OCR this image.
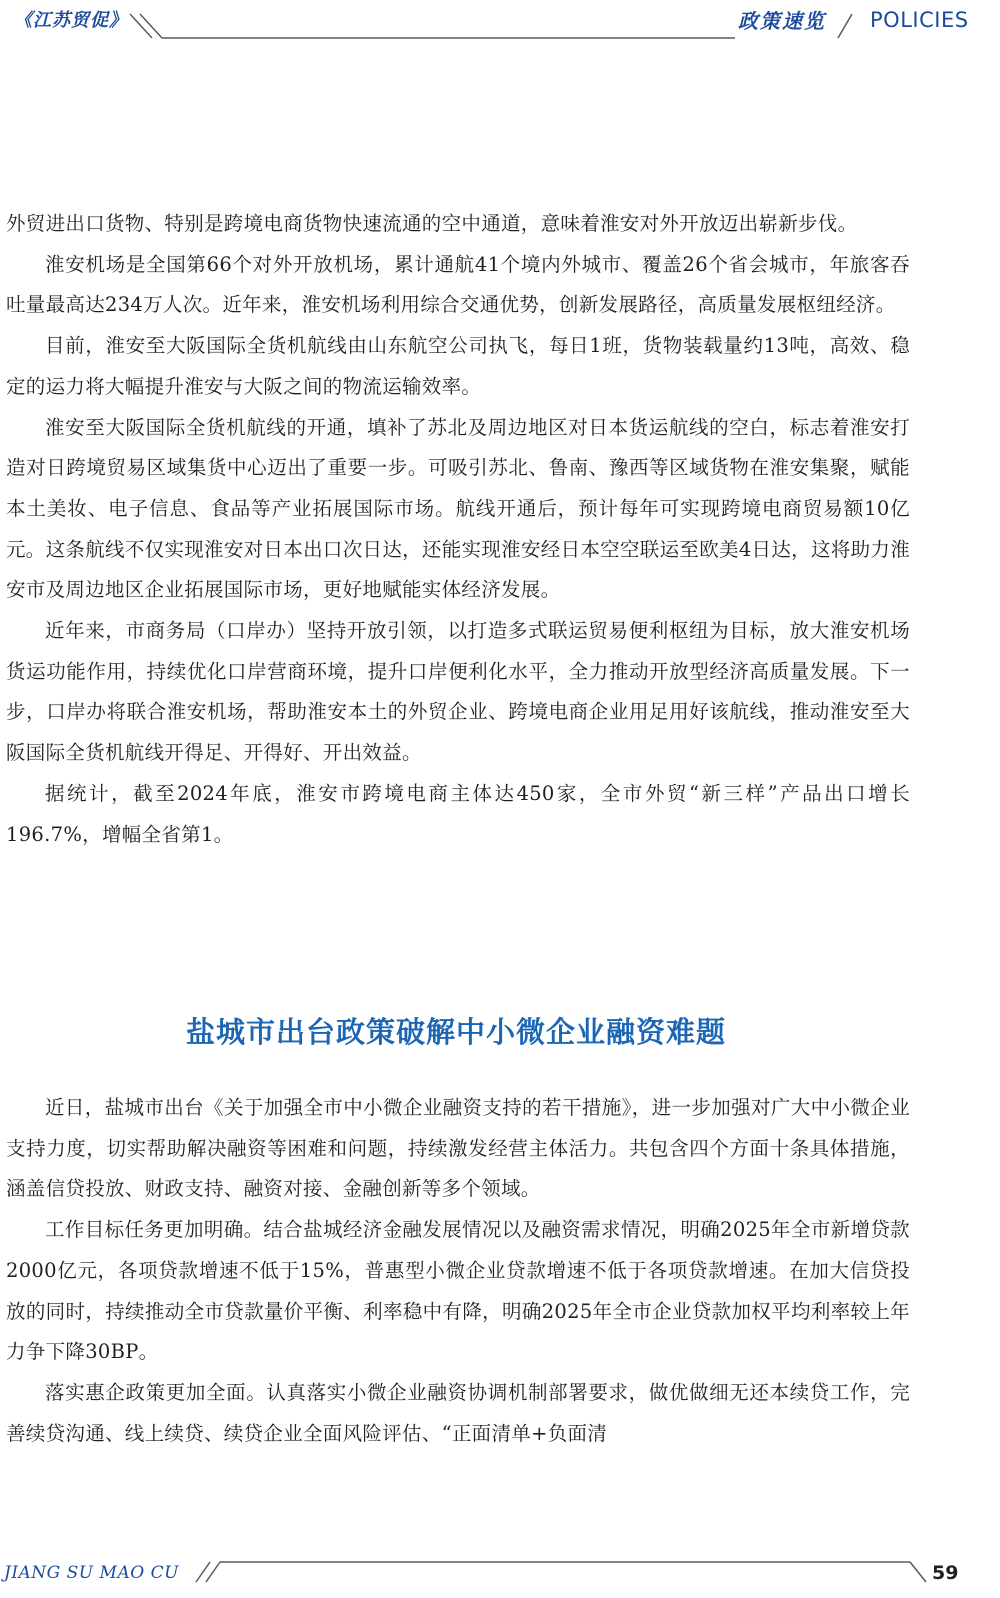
《江苏贸促》	政策速览 POLICIES

外贸进出口货物、特别是跨境电商货物快速流通的空中通道，意味着淮安对外开放迈出崭新步伐。

淮安机场是全国第66个对外开放机场，累计通航41个境内外城市、覆盖26个省会城市，年旅客吞吐量最高达234万人次。近年来，淮安机场利用综合交通优势，创新发展路径，高质量发展枢纽经济。

目前，淮安至大阪国际全货机航线由山东航空公司执飞，每日1班，货物装载量约13吨，高效、稳定的运力将大幅提升淮安与大阪之间的物流运输效率。

淮安至大阪国际全货机航线的开通，填补了苏北及周边地区对日本货运航线的空白，标志着淮安打造对日跨境贸易区域集货中心迈出了重要一步。可吸引苏北、鲁南、豫西等区域货物在淮安集聚，赋能本土美妆、电子信息、食品等产业拓展国际市场。航线开通后，预计每年可实现跨境电商贸易额10亿元。这条航线不仅实现淮安对日本出口次日达，还能实现淮安经日本空空联运至欧美4日达，这将助力淮安市及周边地区企业拓展国际市场，更好地赋能实体经济发展。

近年来，市商务局（口岸办）坚持开放引领，以打造多式联运贸易便利枢纽为目标，放大淮安机场货运功能作用，持续优化口岸营商环境，提升口岸便利化水平，全力推动开放型经济高质量发展。下一步，口岸办将联合淮安机场，帮助淮安本土的外贸企业、跨境电商企业用足用好该航线，推动淮安至大阪国际全货机航线开得足、开得好、开出效益。

据统计，截至2024年底，淮安市跨境电商主体达450家，全市外贸“新三样”产品出口增长196.7%，增幅全省第1。

盐城市出台政策破解中小微企业融资难题

近日，盐城市出台《关于加强全市中小微企业融资支持的若干措施》，进一步加强对广大中小微企业支持力度，切实帮助解决融资等困难和问题，持续激发经营主体活力。共包含四个方面十条具体措施，涵盖信贷投放、财政支持、融资对接、金融创新等多个领域。

工作目标任务更加明确。结合盐城经济金融发展情况以及融资需求情况，明确2025年全市新增贷款2000亿元，各项贷款增速不低于15%，普惠型小微企业贷款增速不低于各项贷款增速。在加大信贷投放的同时，持续推动全市贷款量价平衡、利率稳中有降，明确2025年全市企业贷款加权平均利率较上年力争下降30BP。

落实惠企政策更加全面。认真落实小微企业融资协调机制部署要求，做优做细无还本续贷工作，完善续贷沟通、线上续贷、续贷企业全面风险评估、“正面清单+负面清

JIANG SU MAO CU	59
